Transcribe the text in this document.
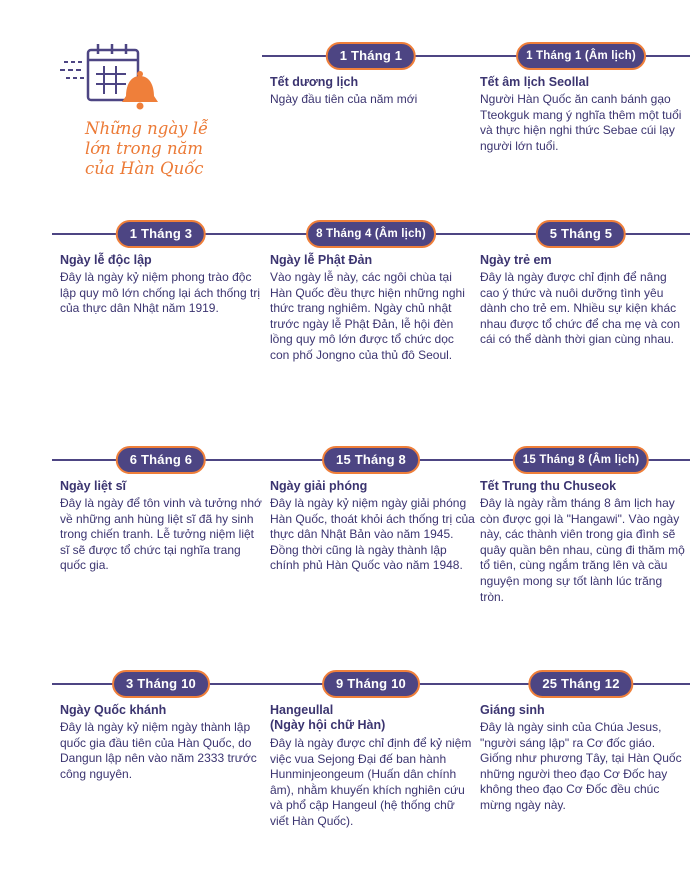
Những ngày lễ lớn trong năm của Hàn Quốc
1 Tháng 1
Tết dương lịch
Ngày đầu tiên của năm mới
1 Tháng 1 (Âm lịch)
Tết âm lịch Seollal
Người Hàn Quốc ăn canh bánh gạo Tteokguk mang ý nghĩa thêm một tuổi và thực hiện nghi thức Sebae cúi lạy người lớn tuổi.
1 Tháng 3
Ngày lễ độc lập
Đây là ngày kỷ niệm phong trào độc lập quy mô lớn chống lại ách thống trị của thực dân Nhật năm 1919.
8 Tháng 4 (Âm lịch)
Ngày lễ Phật Đản
Vào ngày lễ này, các ngôi chùa tại Hàn Quốc đều thực hiện những nghi thức trang nghiêm. Ngày chủ nhật trước ngày lễ Phật Đản, lễ hội đèn lồng quy mô lớn được tổ chức dọc con phố Jongno của thủ đô Seoul.
5 Tháng 5
Ngày trẻ em
Đây là ngày được chỉ định để nâng cao ý thức và nuôi dưỡng tình yêu dành cho trẻ em. Nhiều sự kiện khác nhau được tổ chức để cha mẹ và con cái có thể dành thời gian cùng nhau.
6 Tháng 6
Ngày liệt sĩ
Đây là ngày để tôn vinh và tưởng nhớ về những anh hùng liệt sĩ đã hy sinh trong chiến tranh. Lễ tưởng niệm liệt sĩ sẽ được tổ chức tại nghĩa trang quốc gia.
15 Tháng 8
Ngày giải phóng
Đây là ngày kỷ niệm ngày giải phóng Hàn Quốc, thoát khỏi ách thống trị của thực dân Nhật Bản vào năm 1945. Đồng thời cũng là ngày thành lập chính phủ Hàn Quốc vào năm 1948.
15 Tháng 8 (Âm lịch)
Tết Trung thu Chuseok
Đây là ngày rằm tháng 8 âm lịch hay còn được gọi là "Hangawi". Vào ngày này, các thành viên trong gia đình sẽ quây quần bên nhau, cùng đi thăm mộ tổ tiên, cùng ngắm trăng lên và cầu nguyện mong sự tốt lành lúc trăng tròn.
3 Tháng 10
Ngày Quốc khánh
Đây là ngày kỷ niệm ngày thành lập quốc gia đầu tiên của Hàn Quốc, do Dangun lập nên vào năm 2333 trước công nguyên.
9 Tháng 10
Hangeullal
(Ngày hội chữ Hàn)
Đây là ngày được chỉ định để kỷ niệm việc vua Sejong Đại đế ban hành Hunminjeongeum (Huấn dân chính âm), nhằm khuyến khích nghiên cứu và phổ cập Hangeul (hệ thống chữ viết Hàn Quốc).
25 Tháng 12
Giáng sinh
Đây là ngày sinh của Chúa Jesus, "người sáng lập" ra Cơ đốc giáo. Giống như phương Tây, tại Hàn Quốc những người theo đạo Cơ Đốc hay không theo đạo Cơ Đốc đều chúc mừng ngày này.
